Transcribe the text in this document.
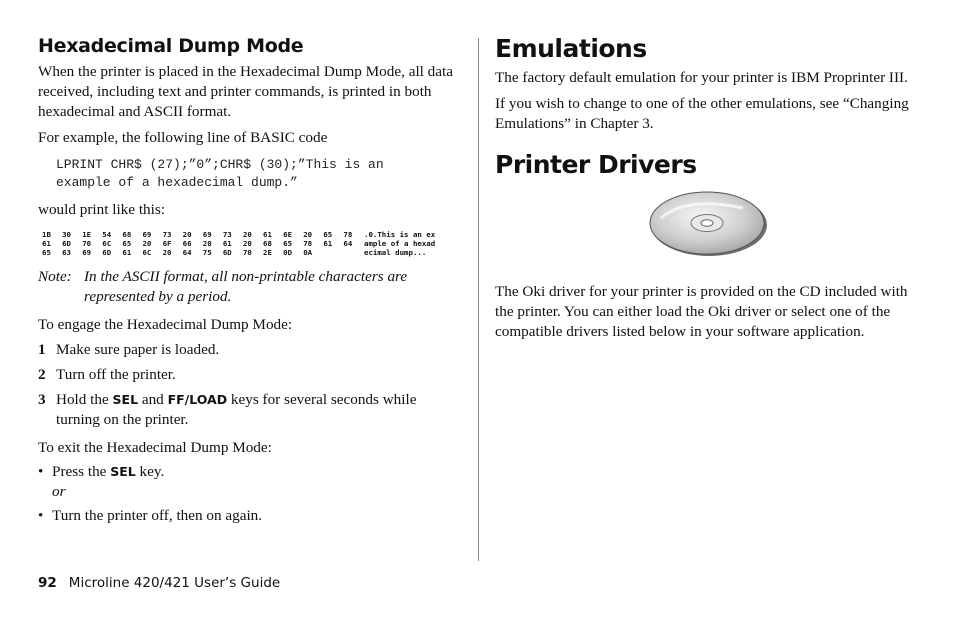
Hexadecimal Dump Mode

When the printer is placed in the Hexadecimal Dump Mode, all data received, including text and printer commands, is printed in both hexadecimal and ASCII format.

For example, the following line of BASIC code

LPRINT CHR$ (27);”0”;CHR$ (30);”This is an
example of a hexadecimal dump.”

would print like this:

1B	30	1E	54	68	69	73	20	69	73	20	61	6E	20	65	78	.0.This is an ex
61	6D	70	6C	65	20	6F	66	20	61	20	68	65	78	61	64	ample of a hexad
65	63	69	6D	61	6C	20	64	75	6D	70	2E	0D	0A	ecimal dump...
Note: In the ASCII format, all non-printable characters are represented by a period.

To engage the Hexadecimal Dump Mode:

1 Make sure paper is loaded.
2 Turn off the printer.
3 Hold the SEL and FF/LOAD keys for several seconds while turning on the printer.

To exit the Hexadecimal Dump Mode:

• Press the SEL key.
or
• Turn the printer off, then on again.
Emulations

The factory default emulation for your printer is IBM Proprinter III.

If you wish to change to one of the other emulations, see “Changing Emulations” in Chapter 3.

Printer Drivers

The Oki driver for your printer is provided on the CD included with the printer. You can either load the Oki driver or select one of the compatible drivers listed below in your software application.

92 Microline 420/421 User’s Guide
